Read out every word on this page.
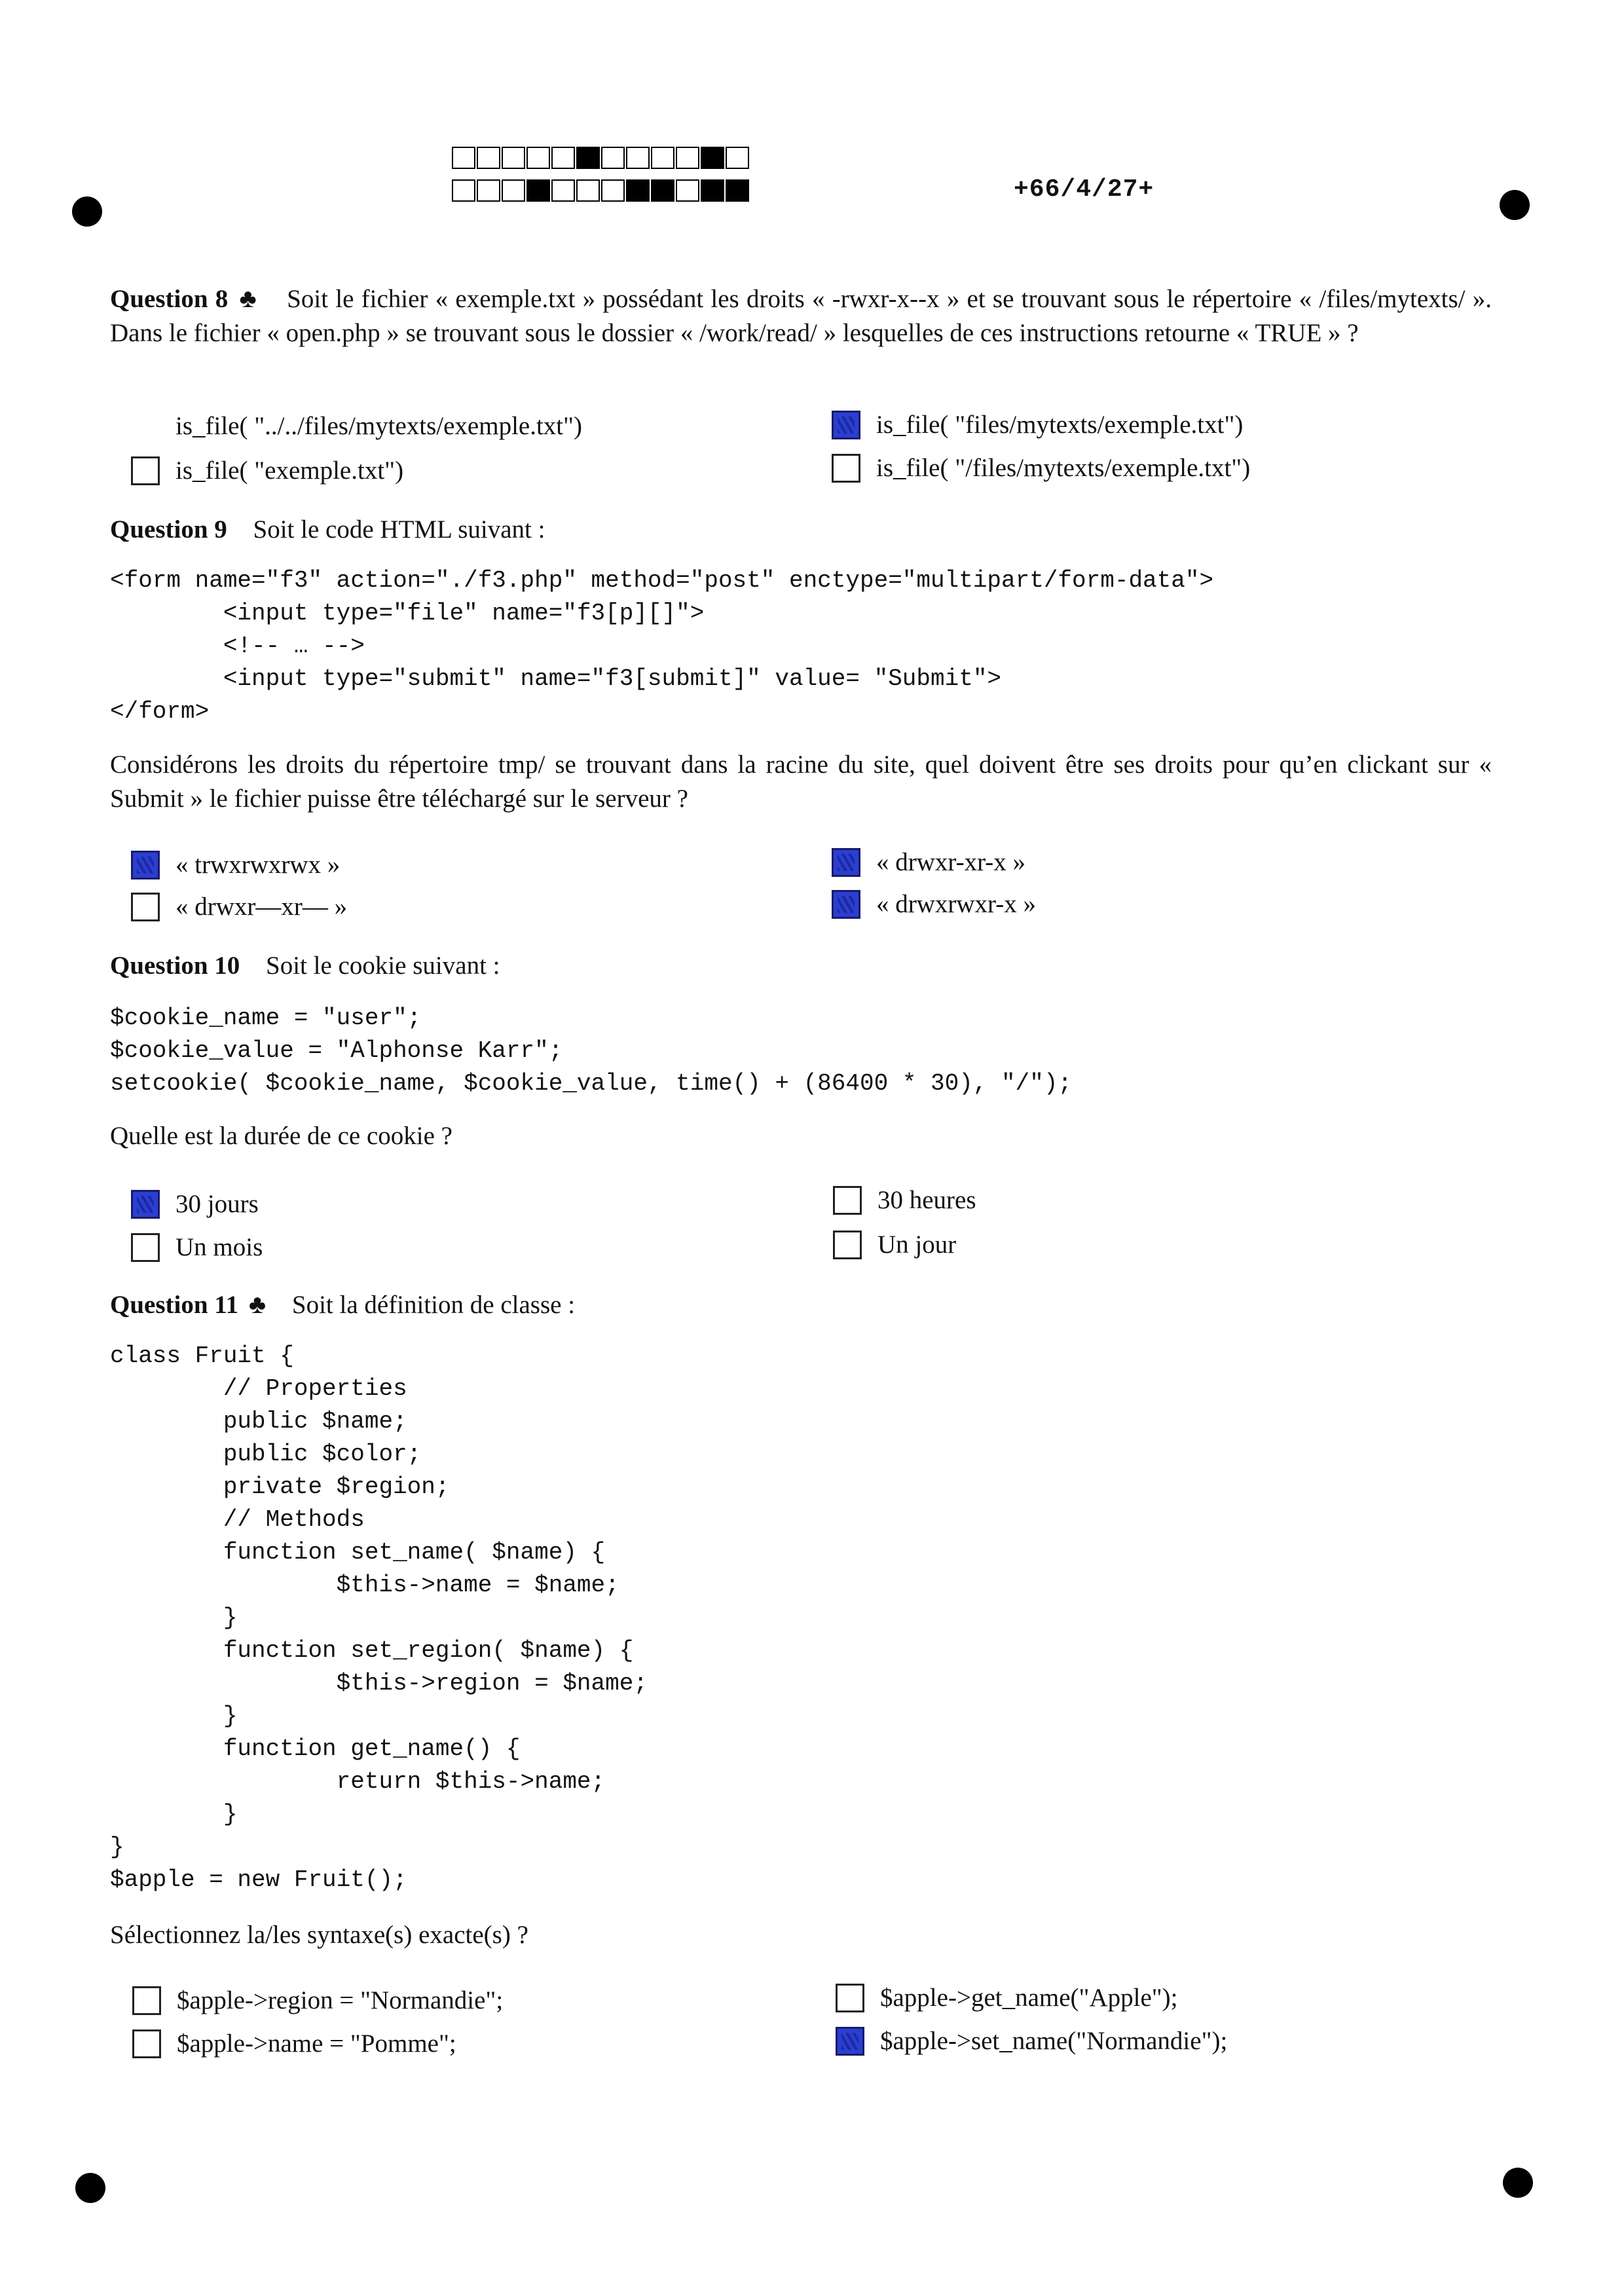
+66/4/27+
Question 8 ♣ Soit le fichier « exemple.txt » possédant les droits « -rwxr-x--x » et se trouvant sous le répertoire « /files/mytexts/ ». Dans le fichier « open.php » se trouvant sous le dossier « /work/read/ » lesquelles de ces instructions retourne « TRUE » ?
is_file( "../../files/mytexts/exemple.txt")	is_file( "files/mytexts/exemple.txt")
is_file( "exemple.txt")	is_file( "/files/mytexts/exemple.txt")
Question 9 Soit le code HTML suivant :
<form name="f3" action="./f3.php" method="post" enctype="multipart/form-data">
<input type="file" name="f3[p][]">
<!-- … -->
<input type="submit" name="f3[submit]" value= "Submit">
</form>
Considérons les droits du répertoire tmp/ se trouvant dans la racine du site, quel doivent être ses droits pour qu’en clickant sur « Submit » le fichier puisse être téléchargé sur le serveur ?
« trwxrwxrwx »	« drwxr-xr-x »
« drwxr—xr— »	« drwxrwxr-x »
Question 10 Soit le cookie suivant :
$cookie_name = "user";
$cookie_value = "Alphonse Karr";
setcookie( $cookie_name, $cookie_value, time() + (86400 * 30), "/");
Quelle est la durée de ce cookie ?
30 jours	30 heures
Un mois	Un jour
Question 11 ♣ Soit la définition de classe :
class Fruit {
// Properties
public $name;
public $color;
private $region;
// Methods
function set_name( $name) {
$this->name = $name;
}
function set_region( $name) {
$this->region = $name;
}
function get_name() {
return $this->name;
}
}
$apple = new Fruit();
Sélectionnez la/les syntaxe(s) exacte(s) ?
$apple->region = "Normandie";	$apple->get_name("Apple");
$apple->name = "Pomme";	$apple->set_name("Normandie");
